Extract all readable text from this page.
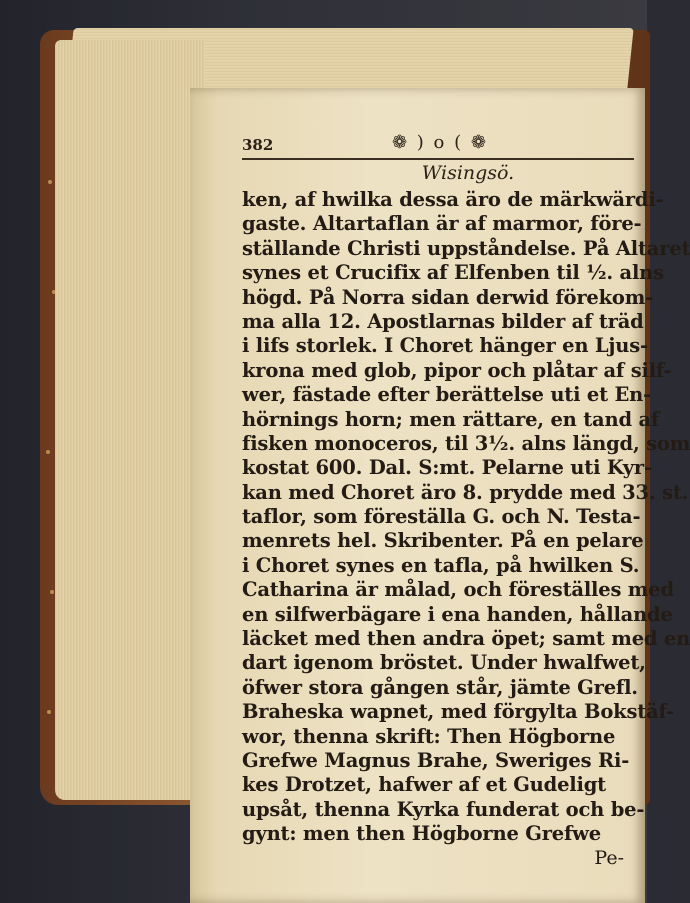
382	❁ ) o ( ❁
Wisingsö.
ken, af hwilka dessa äro de märkwärdi-
gaste. Altartaflan är af marmor, före-
ställande Christi uppståndelse. På Altaret
synes et Crucifix af Elfenben til ½. alns
högd. På Norra sidan derwid förekom-
ma alla 12. Apostlarnas bilder af träd
i lifs storlek. I Choret hänger en Ljus-
krona med glob, pipor och plåtar af silf-
wer, fästade efter berättelse uti et En-
hörnings horn; men rättare, en tand af
fisken monoceros, til 3½. alns längd, som
kostat 600. Dal. S:mt. Pelarne uti Kyr-
kan med Choret äro 8. prydde med 33. st.
taflor, som föreställa G. och N. Testa-
menrets hel. Skribenter. På en pelare
i Choret synes en tafla, på hwilken S.
Catharina är målad, och föreställes med
en silfwerbägare i ena handen, hållande
läcket med then andra öpet; samt med en
dart igenom bröstet. Under hwalfwet,
öfwer stora gången står, jämte Grefl.
Braheska wapnet, med förgylta Bokstäf-
wor, thenna skrift: Then Högborne
Grefwe Magnus Brahe, Sweriges Ri-
kes Drotzet, hafwer af et Gudeligt
upsåt, thenna Kyrka funderat och be-
gynt: men then Högborne Grefwe
Pe-
